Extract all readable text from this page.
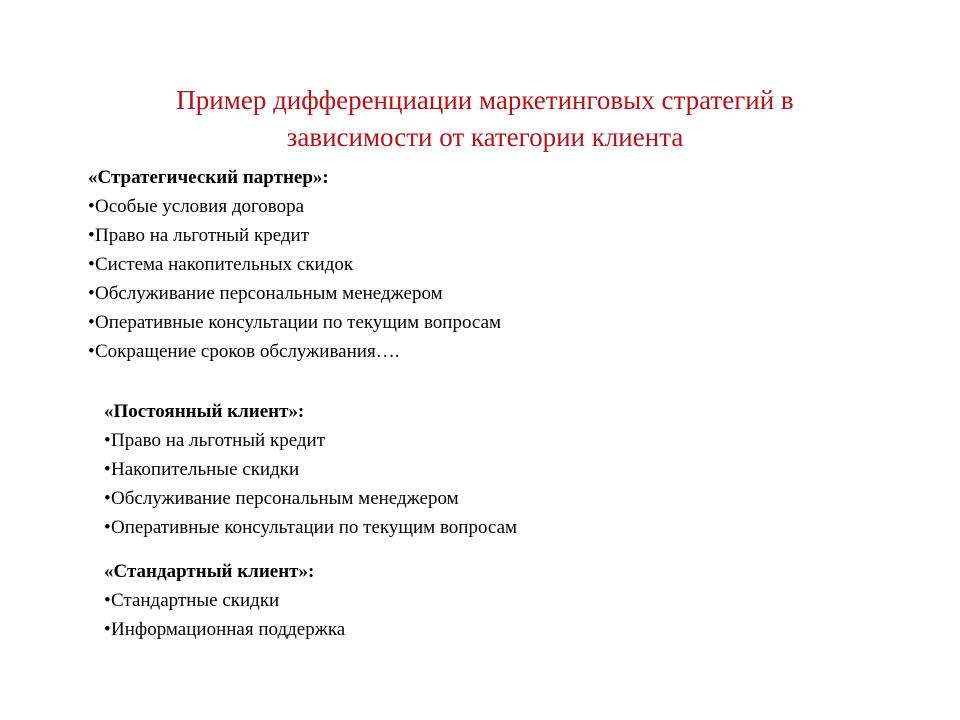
Пример дифференциации маркетинговых стратегий в
зависимости от категории клиента
«Стратегический партнер»:
•Особые условия договора
•Право на льготный кредит
•Система накопительных скидок
•Обслуживание персональным менеджером
•Оперативные консультации по текущим вопросам
•Сокращение сроков обслуживания….
«Постоянный клиент»:
•Право на льготный кредит
•Накопительные скидки
•Обслуживание персональным менеджером
•Оперативные консультации по текущим вопросам
«Стандартный клиент»:
•Стандартные скидки
•Информационная поддержка
